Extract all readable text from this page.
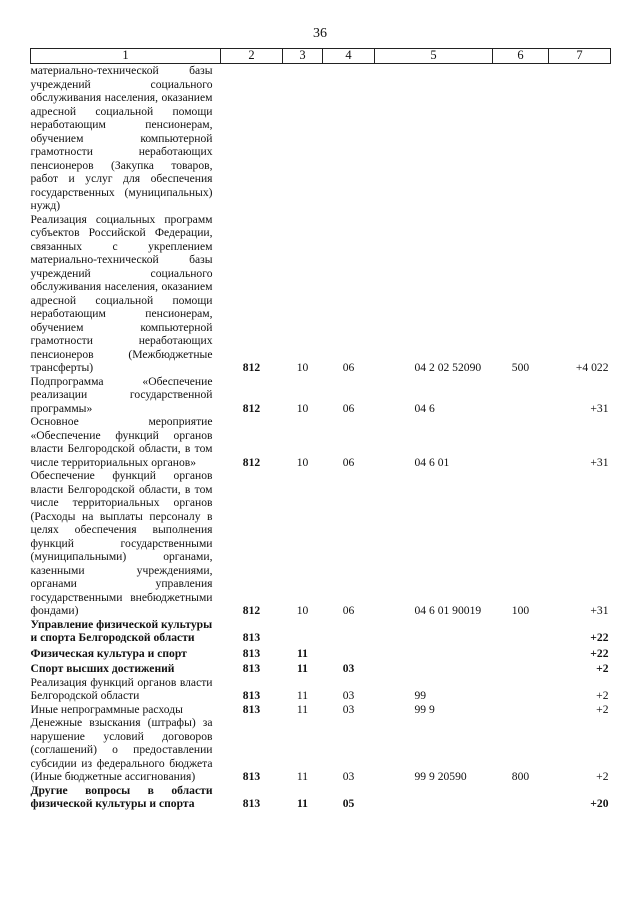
36
1	2	3	4	5	6	7
материально-технической базы учреждений социального обслуживания населения, оказанием адресной социальной помощи неработающим пенсионерам, обучением компьютерной грамотности неработающих пенсионеров (Закупка товаров, работ и услуг для обеспечения государственных (муниципальных) нужд)						
Реализация социальных программ субъектов Российской Федерации, связанных с укреплением материально-технической базы учреждений социального обслуживания населения, оказанием адресной социальной помощи неработающим пенсионерам, обучением компьютерной грамотности неработающих пенсионеров (Межбюджетные трансферты)	812	10	06	04 2 02 52090	500	+4 022
Подпрограмма «Обеспечение реализации государственной программы»	812	10	06	04 6		+31
Основное мероприятие «Обеспечение функций органов власти Белгородской области, в том числе территориальных органов»	812	10	06	04 6 01		+31
Обеспечение функций органов власти Белгородской области, в том числе территориальных органов (Расходы на выплаты персоналу в целях обеспечения выполнения функций государственными (муниципальными) органами, казенными учреждениями, органами управления государственными внебюджетными фондами)	812	10	06	04 6 01 90019	100	+31
Управление физической культуры и спорта Белгородской области	813					+22
Физическая культура и спорт	813	11				+22
Спорт высших достижений	813	11	03			+2
Реализация функций органов власти Белгородской области	813	11	03	99		+2
Иные непрограммные расходы	813	11	03	99 9		+2
Денежные взыскания (штрафы) за нарушение условий договоров (соглашений) о предоставлении субсидии из федерального бюджета (Иные бюджетные ассигнования)	813	11	03	99 9 20590	800	+2
Другие вопросы в области физической культуры и спорта	813	11	05			+20
